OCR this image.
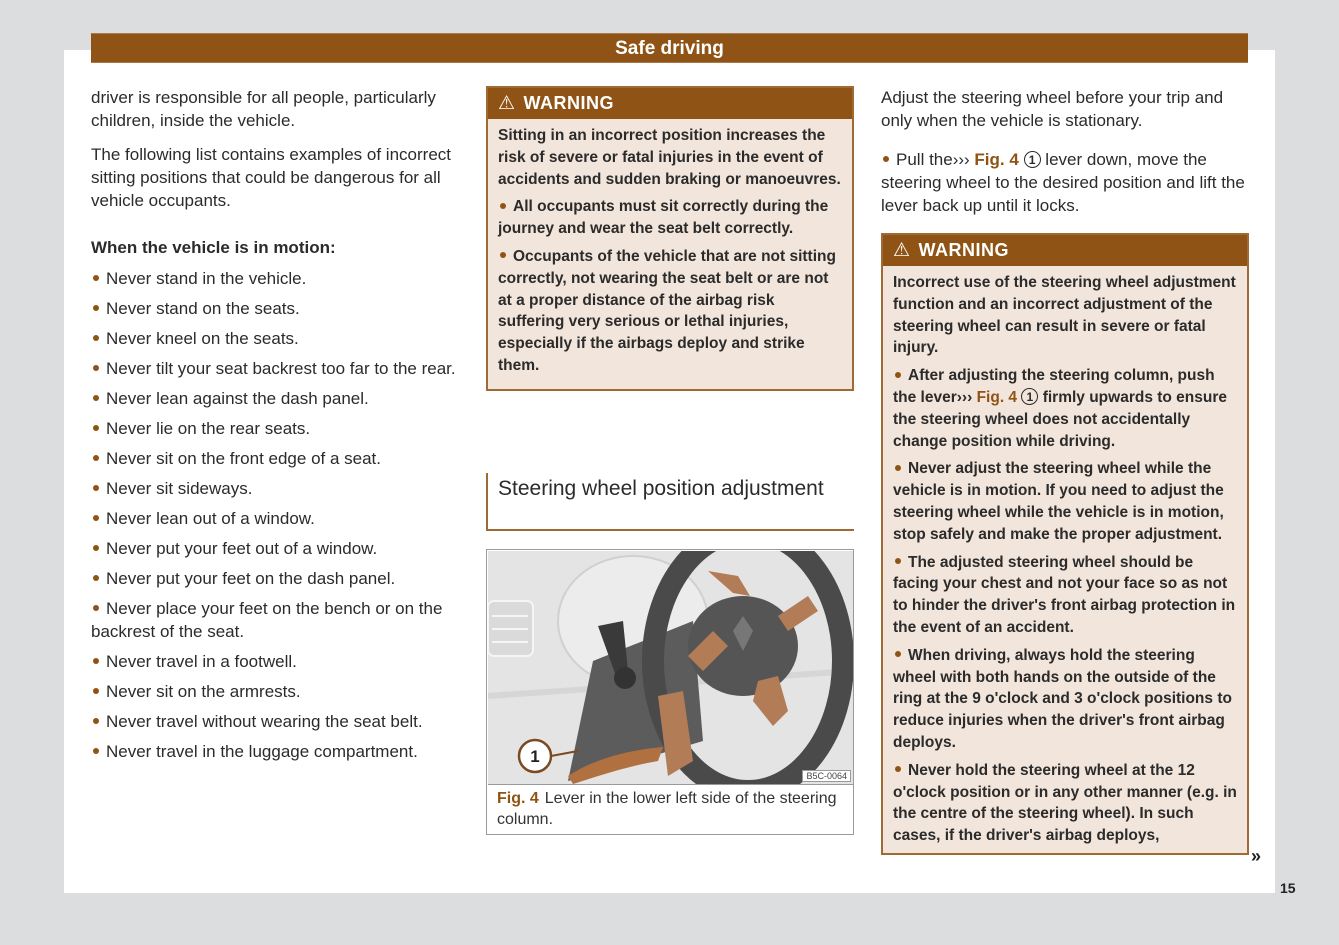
Safe driving

driver is responsible for all people, particularly children, inside the vehicle.

The following list contains examples of incorrect sitting positions that could be dangerous for all vehicle occupants.

When the vehicle is in motion:
Never stand in the vehicle.
Never stand on the seats.
Never kneel on the seats.
Never tilt your seat backrest too far to the rear.
Never lean against the dash panel.
Never lie on the rear seats.
Never sit on the front edge of a seat.
Never sit sideways.
Never lean out of a window.
Never put your feet out of a window.
Never put your feet on the dash panel.
Never place your feet on the bench or on the backrest of the seat.
Never travel in a footwell.
Never sit on the armrests.
Never travel without wearing the seat belt.
Never travel in the luggage compartment.
⚠ WARNING

Sitting in an incorrect position increases the risk of severe or fatal injuries in the event of accidents and sudden braking or manoeuvres.

All occupants must sit correctly during the journey and wear the seat belt correctly.

Occupants of the vehicle that are not sitting correctly, not wearing the seat belt or are not at a proper distance of the airbag risk suffering very serious or lethal injuries, especially if the airbags deploy and strike them.

Steering wheel position adjustment
1
B5C-0064
Fig. 4 Lever in the lower left side of the steering column.

Adjust the steering wheel before your trip and only when the vehicle is stationary.

Pull the››› Fig. 4 1 lever down, move the steering wheel to the desired position and lift the lever back up until it locks.

⚠ WARNING

Incorrect use of the steering wheel adjustment function and an incorrect adjustment of the steering wheel can result in severe or fatal injury.

After adjusting the steering column, push the lever››› Fig. 4 1 firmly upwards to ensure the steering wheel does not accidentally change position while driving.

Never adjust the steering wheel while the vehicle is in motion. If you need to adjust the steering wheel while the vehicle is in motion, stop safely and make the proper adjustment.

The adjusted steering wheel should be facing your chest and not your face so as not to hinder the driver's front airbag protection in the event of an accident.

When driving, always hold the steering wheel with both hands on the outside of the ring at the 9 o'clock and 3 o'clock positions to reduce injuries when the driver's front airbag deploys.

Never hold the steering wheel at the 12 o'clock position or in any other manner (e.g. in the centre of the steering wheel). In such cases, if the driver's airbag deploys,

»
15
